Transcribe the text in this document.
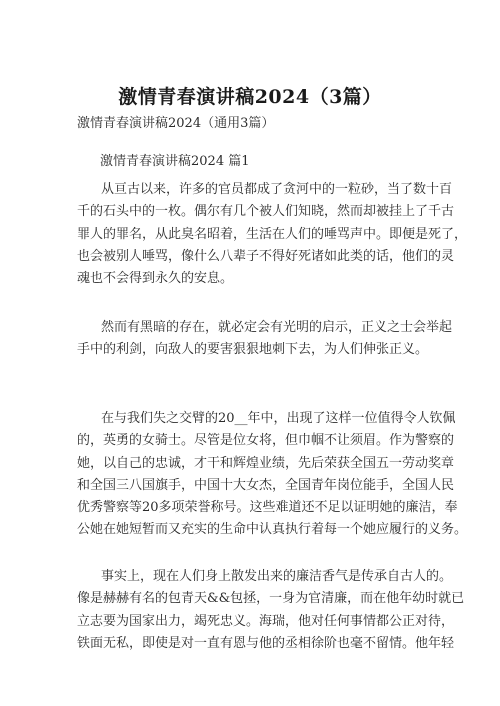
激情青春演讲稿2024（3篇）
激情青春演讲稿2024（通用3篇）
激情青春演讲稿2024 篇1
从亘古以来，许多的官员都成了贪河中的一粒砂，当了数十百
千的石头中的一枚。偶尔有几个被人们知晓，然而却被挂上了千古
罪人的罪名，从此臭名昭着，生活在人们的唾骂声中。即便是死了，
也会被别人唾骂，像什么八辈子不得好死诸如此类的话，他们的灵
魂也不会得到永久的安息。
然而有黑暗的存在，就必定会有光明的启示，正义之士会举起
手中的利剑，向敌人的要害狠狠地刺下去，为人们伸张正义。
在与我们失之交臂的20__年中，出现了这样一位值得令人钦佩
的，英勇的女骑士。尽管是位女将，但巾帼不让须眉。作为警察的
她，以自己的忠诚，才干和辉煌业绩，先后荣获全国五一劳动奖章
和全国三八国旗手，中国十大女杰，全国青年岗位能手，全国人民
优秀警察等20多项荣誉称号。这些难道还不足以证明她的廉洁，奉
公她在她短暂而又充实的生命中认真执行着每一个她应履行的义务。
事实上，现在人们身上散发出来的廉洁香气是传承自古人的。
像是赫赫有名的包青天&&包拯，一身为官清廉，而在他年幼时就已
立志要为国家出力，竭死忠义。海瑞，他对任何事情都公正对待，
铁面无私，即使是对一直有恩与他的丞相徐阶也毫不留情。他年轻
